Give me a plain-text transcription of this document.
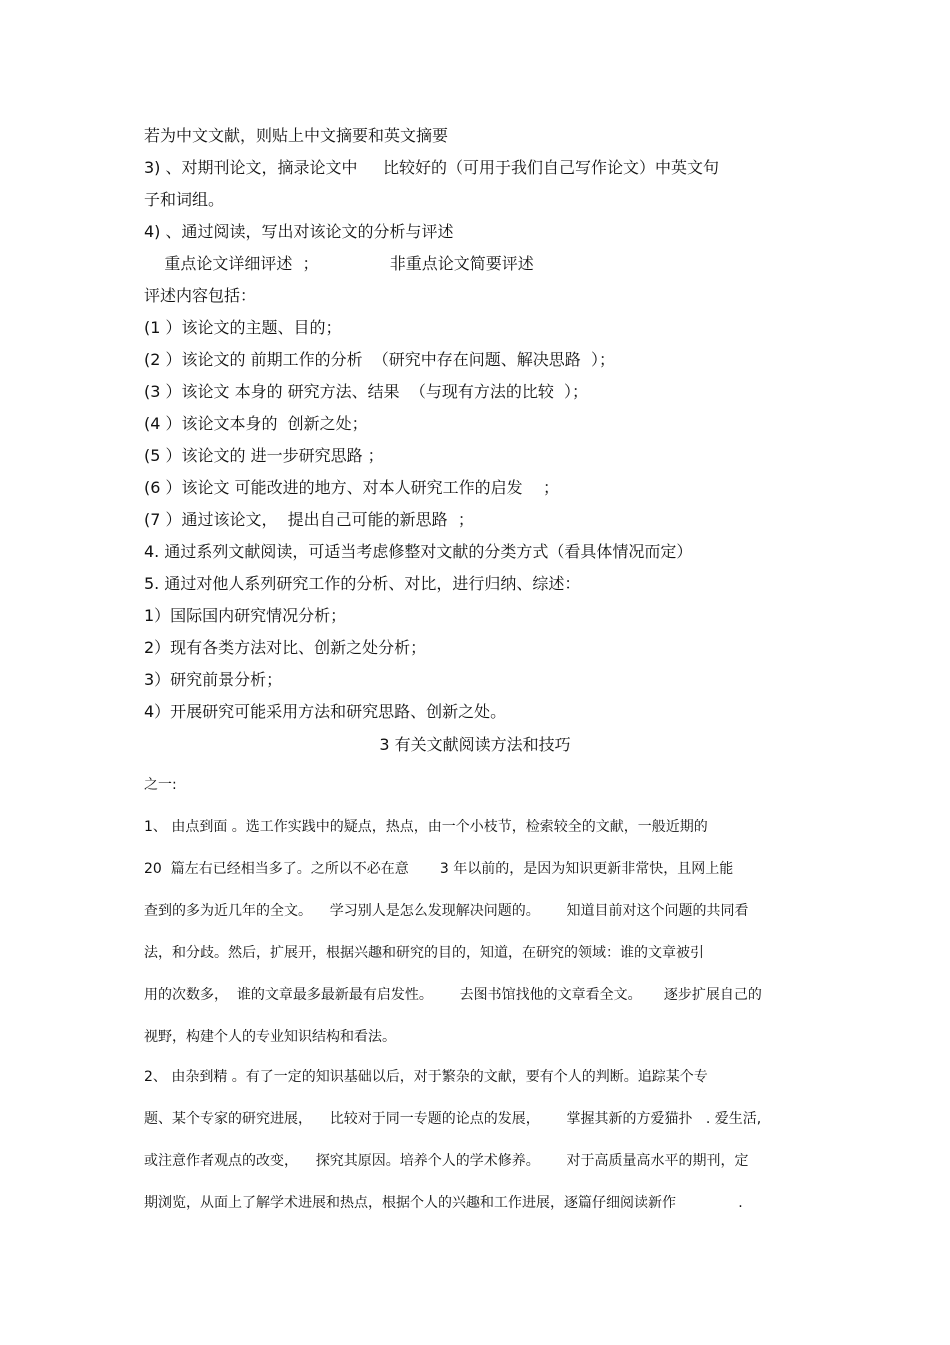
若为中文文献，则贴上中文摘要和英文摘要
3) 、对期刊论文，摘录论文中     比较好的（可用于我们自己写作论文）中英文句
子和词组。
4) 、通过阅读，写出对该论文的分析与评述
重点论文详细评述  ；              非重点论文简要评述
评述内容包括：
(1 ）该论文的主题、目的；
(2 ）该论文的 前期工作的分析  （研究中存在问题、解决思路  ）；
(3 ）该论文 本身的 研究方法、结果  （与现有方法的比较  ）；
(4 ）该论文本身的  创新之处；
(5 ）该论文的 进一步研究思路 ；
(6 ）该论文 可能改进的地方、对本人研究工作的启发    ；
(7 ）通过该论文，  提出自己可能的新思路  ；
4. 通过系列文献阅读，可适当考虑修整对文献的分类方式（看具体情况而定）
5. 通过对他人系列研究工作的分析、对比，进行归纳、综述：
1）国际国内研究情况分析；
2）现有各类方法对比、创新之处分析；
3）研究前景分析；
4）开展研究可能采用方法和研究思路、创新之处。
3 有关文献阅读方法和技巧
之一:
1、 由点到面 。选工作实践中的疑点，热点，由一个小枝节，检索较全的文献，一般近期的
20  篇左右已经相当多了。之所以不必在意       3 年以前的，是因为知识更新非常快，且网上能
查到的多为近几年的全文。    学习别人是怎么发现解决问题的。      知道目前对这个问题的共同看
法，和分歧。然后，扩展开，根据兴趣和研究的目的，知道，在研究的领域：谁的文章被引
用的次数多，  谁的文章最多最新最有启发性。      去图书馆找他的文章看全文。     逐步扩展自己的
视野，构建个人的专业知识结构和看法。
2、 由杂到精 。有了一定的知识基础以后，对于繁杂的文献，要有个人的判断。追踪某个专
题、某个专家的研究进展，    比较对于同一专题的论点的发展，      掌握其新的方爱猫扑   . 爱生活,
或注意作者观点的改变，    探究其原因。培养个人的学术修养。      对于高质量高水平的期刊，定
期浏览，从面上了解学术进展和热点，根据个人的兴趣和工作进展，逐篇仔细阅读新作              .
